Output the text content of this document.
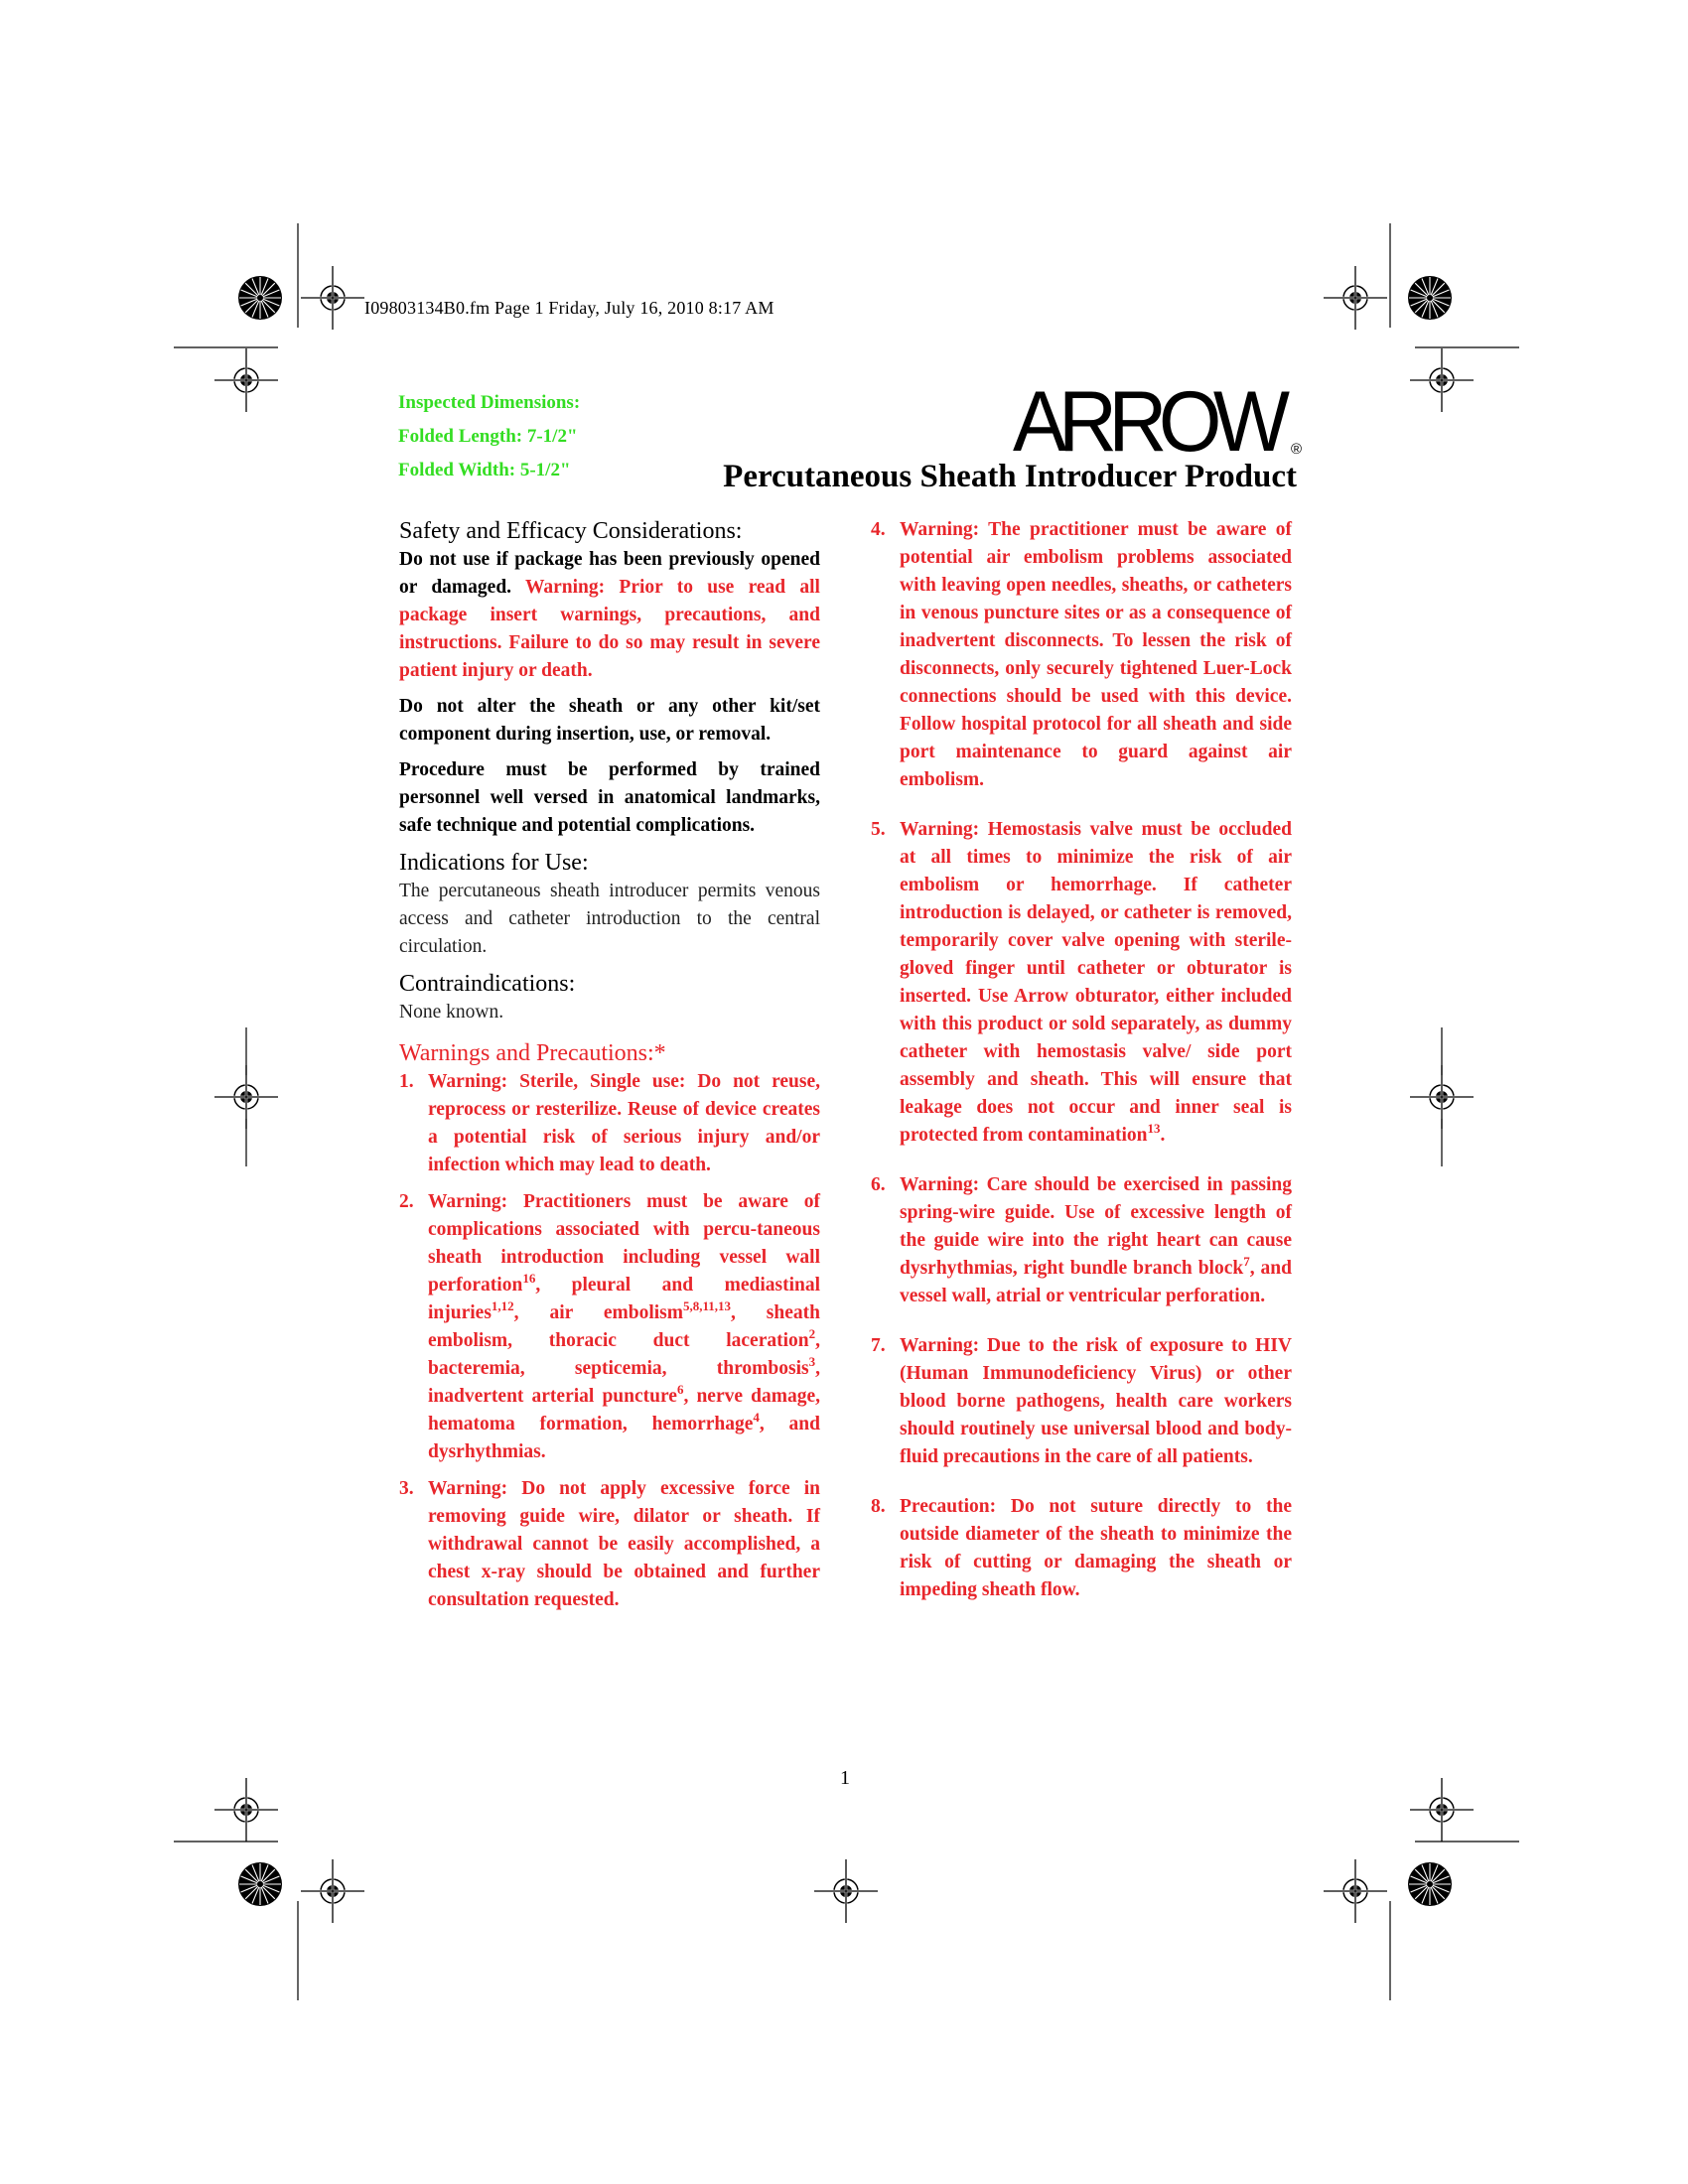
I09803134B0.fm Page 1 Friday, July 16, 2010 8:17 AM
Inspected Dimensions:
Folded Length: 7-1/2"
Folded Width: 5-1/2"
ARROW ®
Percutaneous Sheath Introducer Product
Safety and Efficacy Considerations:

Do not use if package has been previously opened or damaged. Warning: Prior to use read all package insert warnings, precautions, and instructions. Failure to do so may result in severe patient injury or death.

Do not alter the sheath or any other kit/set component during insertion, use, or removal.

Procedure must be performed by trained personnel well versed in anatomical landmarks, safe technique and potential complications.

Indications for Use:

The percutaneous sheath introducer permits venous access and catheter introduction to the central circulation.

Contraindications:

None known.

Warnings and Precautions:*
1. Warning: Sterile, Single use: Do not reuse, reprocess or resterilize. Reuse of device creates a potential risk of serious injury and/or infection which may lead to death.
2. Warning: Practitioners must be aware of complications associated with percu-taneous sheath introduction including vessel wall perforation$^{16}$, pleural and mediastinal injuries$^{1,12}$, air embolism$^{5,8,11,13}$, sheath embolism, thoracic duct laceration$^2$, bacteremia, septicemia, thrombosis$^3$, inadvertent arterial puncture$^6$, nerve damage, hematoma formation, hemorrhage$^4$, and dysrhythmias.
3. Warning: Do not apply excessive force in removing guide wire, dilator or sheath. If withdrawal cannot be easily accomplished, a chest x-ray should be obtained and further consultation requested.
4. Warning: The practitioner must be aware of potential air embolism problems associated with leaving open needles, sheaths, or catheters in venous puncture sites or as a consequence of inadvertent disconnects. To lessen the risk of disconnects, only securely tightened Luer-Lock connections should be used with this device. Follow hospital protocol for all sheath and side port maintenance to guard against air embolism.
5. Warning: Hemostasis valve must be occluded at all times to minimize the risk of air embolism or hemorrhage. If catheter introduction is delayed, or catheter is removed, temporarily cover valve opening with sterile-gloved finger until catheter or obturator is inserted. Use Arrow obturator, either included with this product or sold separately, as dummy catheter with hemostasis valve/ side port assembly and sheath. This will ensure that leakage does not occur and inner seal is protected from contamination$^{13}$.
6. Warning: Care should be exercised in passing spring-wire guide. Use of excessive length of the guide wire into the right heart can cause dysrhythmias, right bundle branch block$^7$, and vessel wall, atrial or ventricular perforation.
7. Warning: Due to the risk of exposure to HIV (Human Immunodeficiency Virus) or other blood borne pathogens, health care workers should routinely use universal blood and body-fluid precautions in the care of all patients.
8. Precaution: Do not suture directly to the outside diameter of the sheath to minimize the risk of cutting or damaging the sheath or impeding sheath flow.
1
